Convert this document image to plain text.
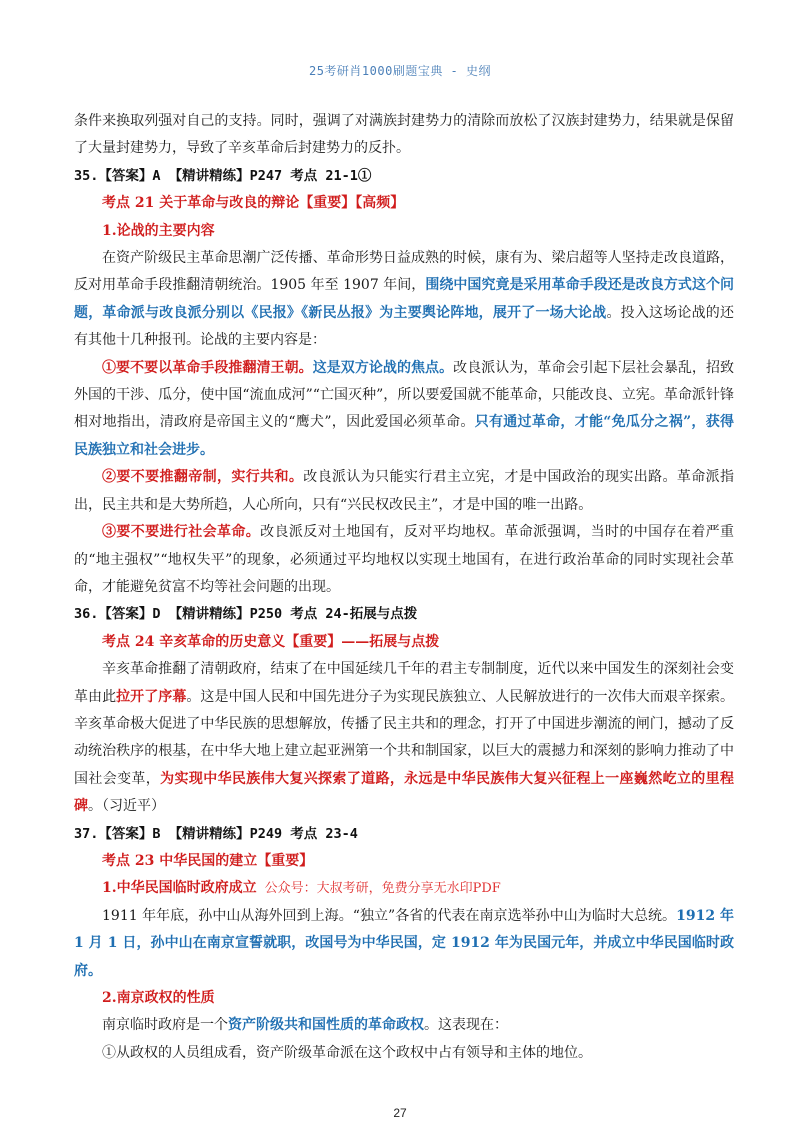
25考研肖1000刷题宝典 - 史纲

条件来换取列强对自己的支持。同时，强调了对满族封建势力的清除而放松了汉族封建势力，结果就是保留了大量封建势力，导致了辛亥革命后封建势力的反扑。

35.【答案】A 【精讲精练】P247 考点 21-1①

考点 21 关于革命与改良的辩论【重要】【高频】

1.论战的主要内容

在资产阶级民主革命思潮广泛传播、革命形势日益成熟的时候，康有为、梁启超等人坚持走改良道路，反对用革命手段推翻清朝统治。1905 年至 1907 年间，围绕中国究竟是采用革命手段还是改良方式这个问题，革命派与改良派分别以《民报》《新民丛报》为主要舆论阵地，展开了一场大论战。投入这场论战的还有其他十几种报刊。论战的主要内容是：

①要不要以革命手段推翻清王朝。这是双方论战的焦点。改良派认为，革命会引起下层社会暴乱，招致外国的干涉、瓜分，使中国“流血成河”“亡国灭种”，所以要爱国就不能革命，只能改良、立宪。革命派针锋相对地指出，清政府是帝国主义的“鹰犬”，因此爱国必须革命。只有通过革命，才能“免瓜分之祸”，获得民族独立和社会进步。

②要不要推翻帝制，实行共和。改良派认为只能实行君主立宪，才是中国政治的现实出路。革命派指出，民主共和是大势所趋，人心所向，只有“兴民权改民主”，才是中国的唯一出路。

③要不要进行社会革命。改良派反对土地国有，反对平均地权。革命派强调，当时的中国存在着严重的“地主强权”“地权失平”的现象，必须通过平均地权以实现土地国有，在进行政治革命的同时实现社会革命，才能避免贫富不均等社会问题的出现。

36.【答案】D 【精讲精练】P250 考点 24-拓展与点拨

考点 24 辛亥革命的历史意义【重要】——拓展与点拨

辛亥革命推翻了清朝政府，结束了在中国延续几千年的君主专制制度，近代以来中国发生的深刻社会变革由此拉开了序幕。这是中国人民和中国先进分子为实现民族独立、人民解放进行的一次伟大而艰辛探索。辛亥革命极大促进了中华民族的思想解放，传播了民主共和的理念，打开了中国进步潮流的闸门，撼动了反动统治秩序的根基，在中华大地上建立起亚洲第一个共和制国家，以巨大的震撼力和深刻的影响力推动了中国社会变革，为实现中华民族伟大复兴探索了道路，永远是中华民族伟大复兴征程上一座巍然屹立的里程碑。（习近平）

37.【答案】B 【精讲精练】P249 考点 23-4

考点 23 中华民国的建立【重要】

1.中华民国临时政府成立 公众号：大叔考研，免费分享无水印PDF

1911 年年底，孙中山从海外回到上海。“独立”各省的代表在南京选举孙中山为临时大总统。1912 年 1 月 1 日，孙中山在南京宣誓就职，改国号为中华民国，定 1912 年为民国元年，并成立中华民国临时政府。

2.南京政权的性质

南京临时政府是一个资产阶级共和国性质的革命政权。这表现在：

①从政权的人员组成看，资产阶级革命派在这个政权中占有领导和主体的地位。

27
